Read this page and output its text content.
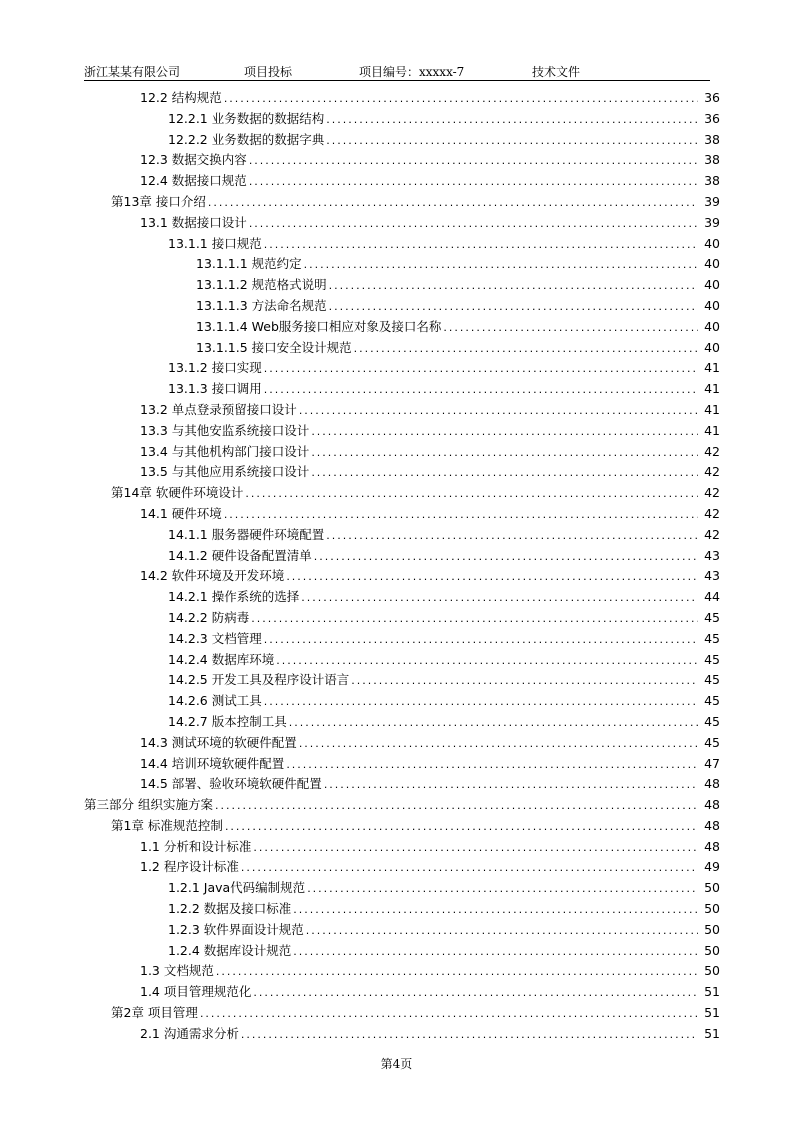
浙江某某有限公司	项目投标	项目编号：xxxxx-7	技术文件
12.2 结构规范 .....	36
12.2.1 业务数据的数据结构 .....	36
12.2.2 业务数据的数据字典 .....	38
12.3 数据交换内容 .....	38
12.4 数据接口规范 .....	38
第13章 接口介绍 .....	39
13.1 数据接口设计 .....	39
13.1.1 接口规范 .....	40
13.1.1.1 规范约定 .....	40
13.1.1.2 规范格式说明 .....	40
13.1.1.3 方法命名规范 .....	40
13.1.1.4 Web服务接口相应对象及接口名称 .....	40
13.1.1.5 接口安全设计规范 .....	40
13.1.2 接口实现 .....	41
13.1.3 接口调用 .....	41
13.2 单点登录预留接口设计 .....	41
13.3 与其他安监系统接口设计 .....	41
13.4 与其他机构部门接口设计 .....	42
13.5 与其他应用系统接口设计 .....	42
第14章 软硬件环境设计 .....	42
14.1 硬件环境 .....	42
14.1.1 服务器硬件环境配置 .....	42
14.1.2 硬件设备配置清单 .....	43
14.2 软件环境及开发环境 .....	43
14.2.1 操作系统的选择 .....	44
14.2.2 防病毒 .....	45
14.2.3 文档管理 .....	45
14.2.4 数据库环境 .....	45
14.2.5 开发工具及程序设计语言 .....	45
14.2.6 测试工具 .....	45
14.2.7 版本控制工具 .....	45
14.3 测试环境的软硬件配置 .....	45
14.4 培训环境软硬件配置 .....	47
14.5 部署、验收环境软硬件配置 .....	48
第三部分 组织实施方案 .....	48
第1章 标准规范控制 .....	48
1.1 分析和设计标准 .....	48
1.2 程序设计标准 .....	49
1.2.1 Java代码编制规范 .....	50
1.2.2 数据及接口标准 .....	50
1.2.3 软件界面设计规范 .....	50
1.2.4 数据库设计规范 .....	50
1.3 文档规范 .....	50
1.4 项目管理规范化 .....	51
第2章 项目管理 .....	51
2.1 沟通需求分析 .....	51
第4页
